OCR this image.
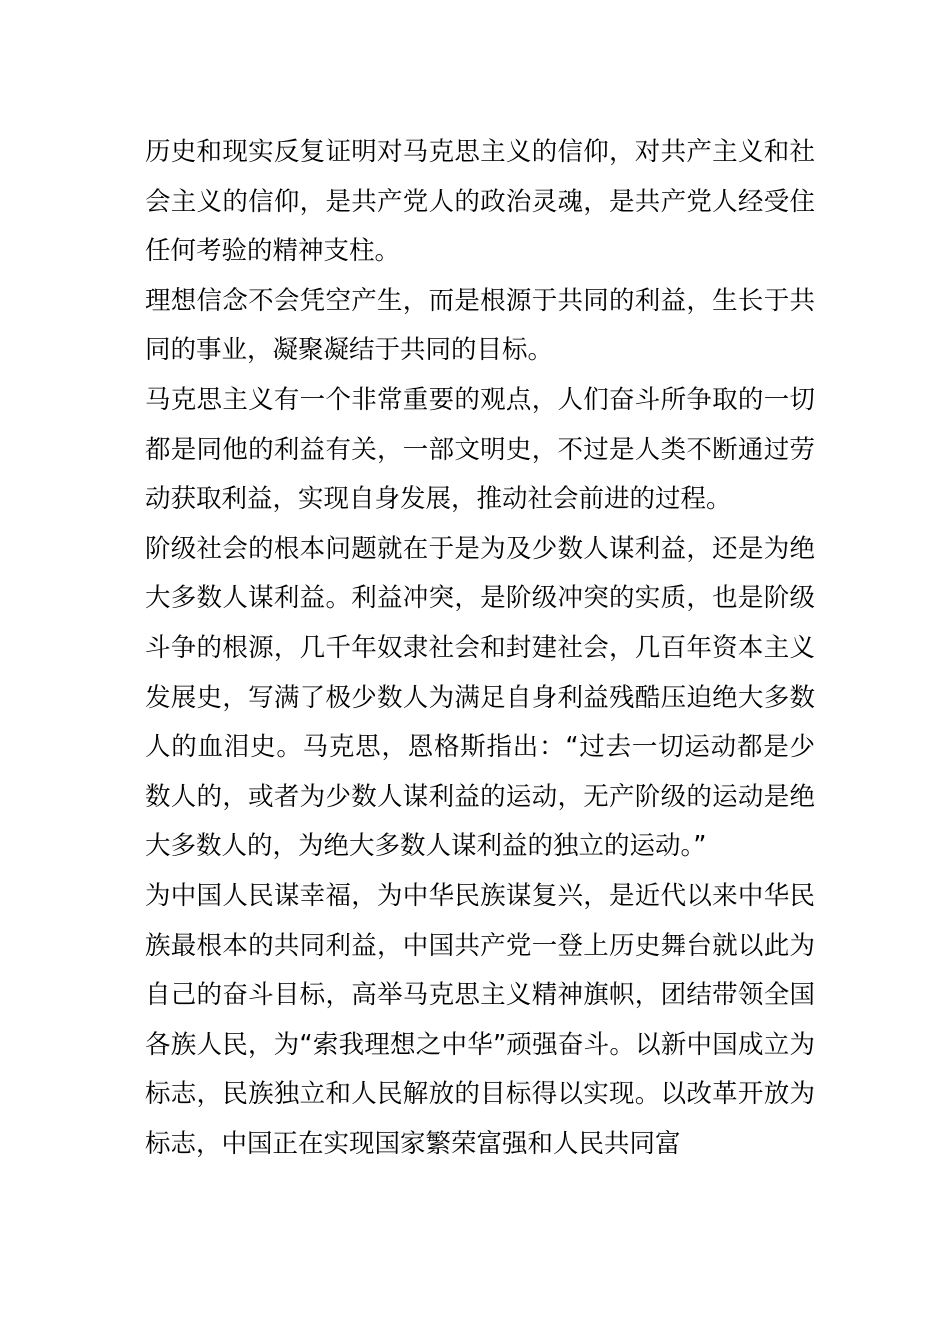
历史和现实反复证明对马克思主义的信仰，对共产主义和社会主义的信仰，是共产党人的政治灵魂，是共产党人经受住任何考验的精神支柱。

理想信念不会凭空产生，而是根源于共同的利益，生长于共同的事业，凝聚凝结于共同的目标。

马克思主义有一个非常重要的观点，人们奋斗所争取的一切都是同他的利益有关，一部文明史，不过是人类不断通过劳动获取利益，实现自身发展，推动社会前进的过程。

阶级社会的根本问题就在于是为及少数人谋利益，还是为绝大多数人谋利益。利益冲突，是阶级冲突的实质，也是阶级斗争的根源，几千年奴隶社会和封建社会，几百年资本主义发展史，写满了极少数人为满足自身利益残酷压迫绝大多数人的血泪史。马克思，恩格斯指出：“过去一切运动都是少数人的，或者为少数人谋利益的运动，无产阶级的运动是绝大多数人的，为绝大多数人谋利益的独立的运动。”

为中国人民谋幸福，为中华民族谋复兴，是近代以来中华民族最根本的共同利益，中国共产党一登上历史舞台就以此为自己的奋斗目标，高举马克思主义精神旗帜，团结带领全国各族人民，为“索我理想之中华”顽强奋斗。以新中国成立为标志，民族独立和人民解放的目标得以实现。以改革开放为标志，中国正在实现国家繁荣富强和人民共同富
